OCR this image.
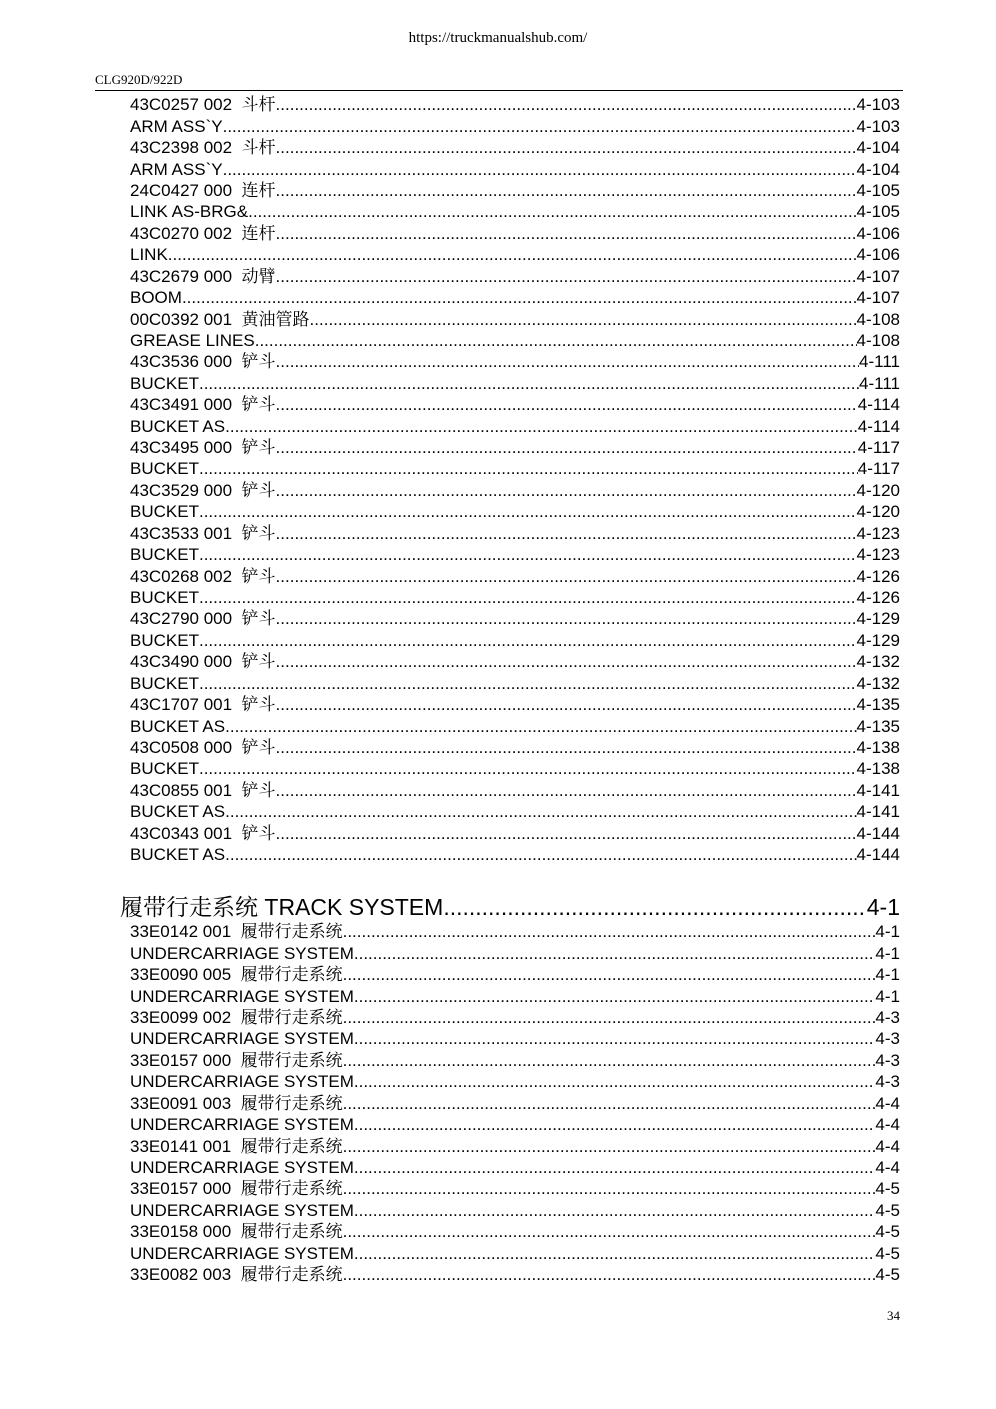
https://truckmanualshub.com/
CLG920D/922D
43C0257 002  斗杆 .....	4-103
ARM ASS`Y .....	4-103
43C2398 002  斗杆 .....	4-104
ARM ASS`Y .....	4-104
24C0427 000  连杆 .....	4-105
LINK AS-BRG& .....	4-105
43C0270 002  连杆 .....	4-106
LINK .....	4-106
43C2679 000  动臂 .....	4-107
BOOM .....	4-107
00C0392 001  黄油管路 .....	4-108
GREASE LINES .....	4-108
43C3536 000  铲斗 .....	4-111
BUCKET .....	4-111
43C3491 000  铲斗 .....	4-114
BUCKET AS .....	4-114
43C3495 000  铲斗 .....	4-117
BUCKET .....	4-117
43C3529 000  铲斗 .....	4-120
BUCKET .....	4-120
43C3533 001  铲斗 .....	4-123
BUCKET .....	4-123
43C0268 002  铲斗 .....	4-126
BUCKET .....	4-126
43C2790 000  铲斗 .....	4-129
BUCKET .....	4-129
43C3490 000  铲斗 .....	4-132
BUCKET .....	4-132
43C1707 001  铲斗 .....	4-135
BUCKET AS .....	4-135
43C0508 000  铲斗 .....	4-138
BUCKET .....	4-138
43C0855 001  铲斗 .....	4-141
BUCKET AS .....	4-141
43C0343 001  铲斗 .....	4-144
BUCKET AS .....	4-144
履带行走系统 TRACK SYSTEM .....	4-1
33E0142 001  履带行走系统 .....	4-1
UNDERCARRIAGE SYSTEM .....	4-1
33E0090 005  履带行走系统 .....	4-1
UNDERCARRIAGE SYSTEM .....	4-1
33E0099 002  履带行走系统 .....	4-3
UNDERCARRIAGE SYSTEM .....	4-3
33E0157 000  履带行走系统 .....	4-3
UNDERCARRIAGE SYSTEM .....	4-3
33E0091 003  履带行走系统 .....	4-4
UNDERCARRIAGE SYSTEM .....	4-4
33E0141 001  履带行走系统 .....	4-4
UNDERCARRIAGE SYSTEM .....	4-4
33E0157 000  履带行走系统 .....	4-5
UNDERCARRIAGE SYSTEM .....	4-5
33E0158 000  履带行走系统 .....	4-5
UNDERCARRIAGE SYSTEM .....	4-5
33E0082 003  履带行走系统 .....	4-5
34
